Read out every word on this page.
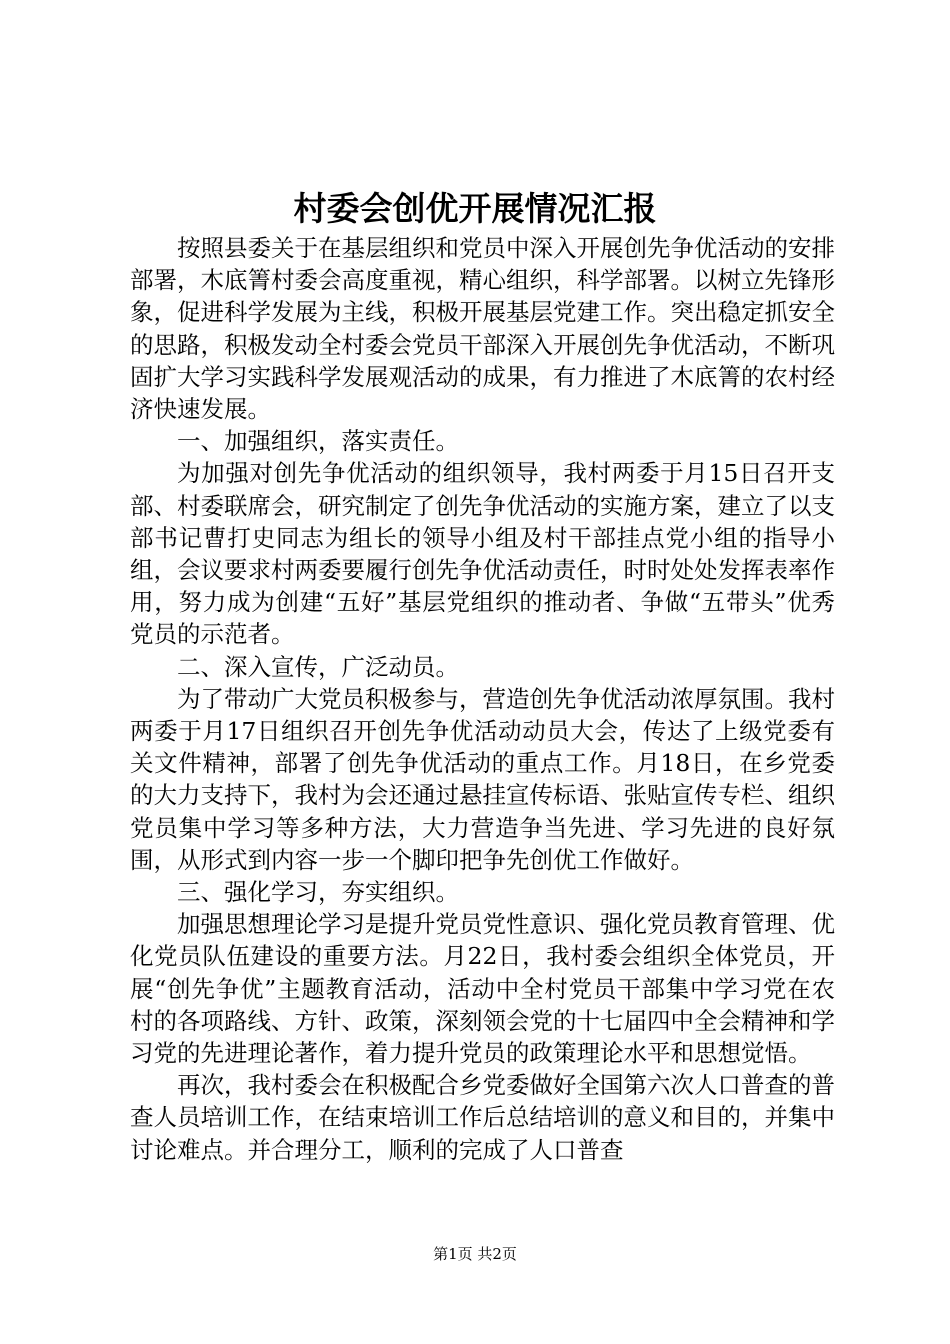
村委会创优开展情况汇报

按照县委关于在基层组织和党员中深入开展创先争优活动的安排部署，木底箐村委会高度重视，精心组织，科学部署。以树立先锋形象，促进科学发展为主线，积极开展基层党建工作。突出稳定抓安全的思路，积极发动全村委会党员干部深入开展创先争优活动，不断巩固扩大学习实践科学发展观活动的成果，有力推进了木底箐的农村经济快速发展。

一、加强组织，落实责任。

为加强对创先争优活动的组织领导，我村两委于月15日召开支部、村委联席会，研究制定了创先争优活动的实施方案，建立了以支部书记曹打史同志为组长的领导小组及村干部挂点党小组的指导小组，会议要求村两委要履行创先争优活动责任，时时处处发挥表率作用，努力成为创建“五好”基层党组织的推动者、争做“五带头”优秀党员的示范者。

二、深入宣传，广泛动员。

为了带动广大党员积极参与，营造创先争优活动浓厚氛围。我村两委于月17日组织召开创先争优活动动员大会，传达了上级党委有关文件精神，部署了创先争优活动的重点工作。月18日，在乡党委的大力支持下，我村为会还通过悬挂宣传标语、张贴宣传专栏、组织党员集中学习等多种方法，大力营造争当先进、学习先进的良好氛围，从形式到内容一步一个脚印把争先创优工作做好。

三、强化学习，夯实组织。

加强思想理论学习是提升党员党性意识、强化党员教育管理、优化党员队伍建设的重要方法。月22日，我村委会组织全体党员，开展“创先争优”主题教育活动，活动中全村党员干部集中学习党在农村的各项路线、方针、政策，深刻领会党的十七届四中全会精神和学习党的先进理论著作，着力提升党员的政策理论水平和思想觉悟。

再次，我村委会在积极配合乡党委做好全国第六次人口普查的普查人员培训工作，在结束培训工作后总结培训的意义和目的，并集中讨论难点。并合理分工，顺利的完成了人口普查

第1页 共2页
